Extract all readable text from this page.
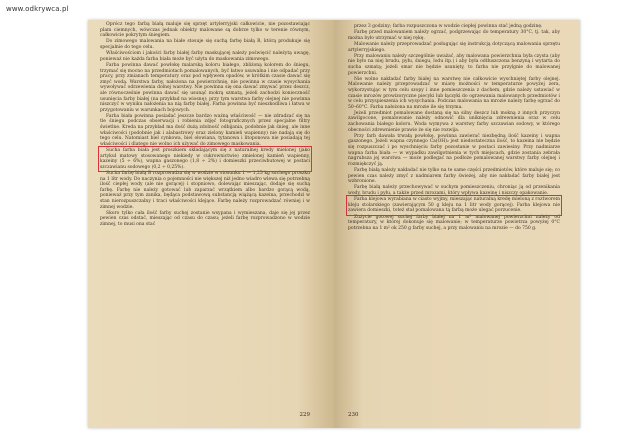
www.odkrywca.pl

Oprócz tego farbą białą maluje się sprzęt artylerryjski całkowicie, nie pozostawiając plam ciemnych, wówczas jednak obiekty malowane są dobrze tylko w terenie równym, całkowicie pokrytym śniegiem.

Do zimowego malowania na białe stosuje się suchą farbę białą B, którą produkuje się specjalnie do tego celu.

Właściwościom i jakości farby białej farby maskującej należy poświęcić należytą uwagę, ponieważ nie każda farba biała może być użyta do maskowania zimowego.

Farba powinna dawać powłokę malarską koloru białego, zbliżoną kolorem do śniegu, trzymać się mocno na przedmiotach pomalowanych, być łatwo usuwalna i nie odpadać przy pracy, przy zmianach temperatury oraz pod wpływem opadów, w krótkim czasie dawać się zmyć wodą. Warstwa farby, nałożona na powierzchnię, nie powinna w czasie wysychania wywoływać odrzewienia dolnej warstwy. Nie powinna się ona dawać zmywać przez deszcz, ale równocześnie powinna dawać się usunąć mokrą szmatą, jeżeli zachodzi konieczność usunięcia farby białej (na przykład na wiosnę); przy tym warstwa farby olejnej nie powinna niszczyć w wyniku nałożenia na nią farby białej. Farba powinna być nieszkodliwa i łatwa w przygotowaniu w warunkach bojowych.

Farba biała powinna posiadać jeszcze bardzo ważną właściwość — nie zdradzać się na tle śniegu podczas obserwacji i robienia zdjęć fotograficznych przez specjalne filtry świetlne. Kreda na przykład ma dość dużą zdolność odbijania, podobnie jak śnieg, ale inne właściwości (podobnie jak i alabastrowy oraz zielony kamień wapienny) nie nadają się do tego celu. Natomiast biel cynkowa, biel ołowiana, tytanowa i litoponowa nie posiadają tej właściwości i dlatego nie wolno ich używać do zimowego maskowania.

Sucha farba biała jest proszkiem składającym się z naturalnej kredy mielonej (jako artykuł matowy stosowanego niekiedy w cukrownictwie) zmielonej kamień wapienny, kazeiny (5 ÷ 6%), wapna gaszonego (1,8 ÷ 2%) i domieszki przeciwbutowej w postaci szczawianu sodowego (0,2 ÷ 0,25%).

Sucha farbę białą B rozprowadza się w wodzie w stosunku 1 — 1,25 kg suchego proszku na 1 litr wody. Do naczynia o pojemności nie większej niż jedno wiadro wlewa się potrzebną ilość ciepłej wody (ale nie gorącej) i stopniowo, dolewając mieszając, dodaje się suchą farbę. Farbę nie należy gotować lub zaparzać wrzątkiem albo bardzo gorącą wodą, ponieważ przy tym zanika, będąca podstawową substancją wiążącą kazeina, przechodzi w stan nierozpuszczalny i traci właściwości klejące. Farbę należy rozprowadzać równiej i w zimnej wodzie.

Skoro tylko cała ilość farby suchej zostanie wsypana i wymieszana, daje się jej przez pewien czas odstać, mieszając od czasu do czasu; jeżeli farbę rozprowadzono w wodzie zimnej, to musi ona stać

229

przez 3 godziny; farba rozpuszczona w wodzie ciepłej powinna stać jedną godzinę.

Farbę przed malowaniem należy ogrzać, podgrzewając do temperatury 30°C, tj. tak, aby można było utrzymać w niej rękę.

Malowanie należy przeprowadzać posługując się instrukcją dotyczącą malowania sprzętu artylerryjskiego.

Przy malowaniu należy szczególnie uważać, aby malowana powierzchnia była czysta (aby nie było na niej brudu, pyłu, śniegu, lodu itp.) i aby była odtłuszczona benzyną i wytarta do sucha szmatą; jeżeli smar nie będzie usunięty, to farba nie przylgnie do malowanej powierzchni.

Nie wolno nakładać farby białej na warstwę nie całkowicie wyschniętej farby olejnej. Malowanie należy przeprowadzać w miarę możności w temperaturze powyżej zera, wykorzystując w tym celu szopy i inne pomieszczenia z dachem, gdzie należy ustawiać w czasie mrozów prowizoryczne piecyki lub łączyki do ogrzewania malowanych przedmiotów i w celu przyspieszenia ich wysychania. Podczas malowania na mrozie należy farbę ogrzać do 50–60°C. Farba nałożona na mrozie ile się trzyma.

Jeżeli przedmiot pomalowane dostaną się na silny deszcz lub mokną z innych przyczyn zawilgocone, pomalowanie należy odnowić dla uniknięcia zdrewnienia oraz w celu zachowania białego koloru. Woda wymywa z warstwy farby szczawian sodowy, w którego obecności zdrewnienie prawie że się nie rozwija.

Przy farb dawała trwałą powłokę, powinna zawierać niezbędną ilość kazeiny i wapna gaszonego. Jeżeli wapna czynnego Ca(OH)₂ jest niedostateczna ilość, to kazeina nie będzie się rozpuszczać i po wyschnięciu farby pozostanie w postaci zawiesiny. Przy nadmiarze wapna farba biała — w wypadku zawilgotnienia w tych miejscach, gdzie zostania zebrała nagrubsza jej warstwa — może podlegać na podłoże pomalowanej warstwy farby olejnej i rozmiękczyć ją.

Farbę białą należy nakładać nie tylko na te same części przedmiotów, które maluje się; co pewien czas należy zmyć z nadmiarem farby świeżej, aby nie nakładać farby białej jest wzbronione.

Farbę białą należy przechowywać w suchym pomieszczeniu, chroniąc ją od przenikania wody, brudu i pyłu, a także przed mrozami, który wpływa kazeinę i niszczy opakowanie.

Farba klejowa wyrabiana w ciasto wyjmy, mieszając naturalną kredę mieloną z roztworem kleju stolarskiego (zawierającym 50 g kleju na 1 litr wody gorącej). Farba klejowa nie zawiera domieszki, toteż stał pomalowana tą farbą może ulegać porzucenie.

Zużycie gotowej suchej farby białej na 1 m² malowanej powierzchni należy od temperatury, w której dokonuje się malowanie; w temperaturze powietrza powyżej 0°C potrzebna na 1 m² ok 250 g farby suchej, a przy malowaniu na mrozie — do 750 g.

230
